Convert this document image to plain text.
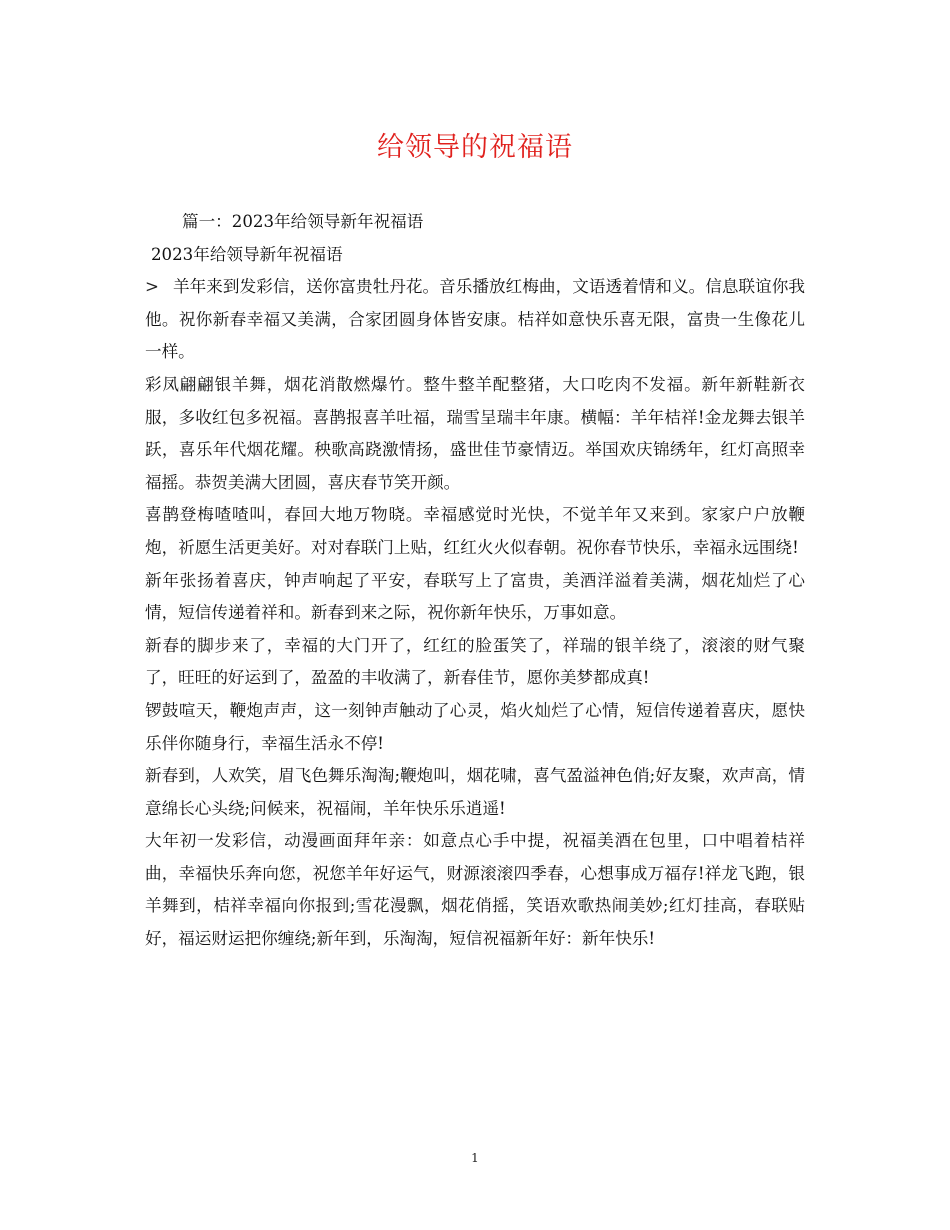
给领导的祝福语

篇一：2023年给领导新年祝福语

2023年给领导新年祝福语

> 羊年来到发彩信，送你富贵牡丹花。音乐播放红梅曲，文语透着情和义。信息联谊你我他。祝你新春幸福又美满，合家团圆身体皆安康。桔祥如意快乐喜无限，富贵一生像花儿一样。

彩凤翩翩银羊舞，烟花消散燃爆竹。整牛整羊配整猪，大口吃肉不发福。新年新鞋新衣服，多收红包多祝福。喜鹊报喜羊吐福，瑞雪呈瑞丰年康。横幅：羊年桔祥!金龙舞去银羊跃，喜乐年代烟花耀。秧歌高跷激情扬，盛世佳节豪情迈。举国欢庆锦绣年，红灯高照幸福摇。恭贺美满大团圆，喜庆春节笑开颜。

喜鹊登梅喳喳叫，春回大地万物晓。幸福感觉时光快，不觉羊年又来到。家家户户放鞭炮，祈愿生活更美好。对对春联门上贴，红红火火似春朝。祝你春节快乐，幸福永远围绕!

新年张扬着喜庆，钟声响起了平安，春联写上了富贵，美酒洋溢着美满，烟花灿烂了心情，短信传递着祥和。新春到来之际，祝你新年快乐，万事如意。

新春的脚步来了，幸福的大门开了，红红的脸蛋笑了，祥瑞的银羊绕了，滚滚的财气聚了，旺旺的好运到了，盈盈的丰收满了，新春佳节，愿你美梦都成真!

锣鼓喧天，鞭炮声声，这一刻钟声触动了心灵，焰火灿烂了心情，短信传递着喜庆，愿快乐伴你随身行，幸福生活永不停!

新春到，人欢笑，眉飞色舞乐淘淘;鞭炮叫，烟花啸，喜气盈溢神色俏;好友聚，欢声高，情意绵长心头绕;问候来，祝福闹，羊年快乐乐逍遥!

大年初一发彩信，动漫画面拜年亲：如意点心手中提，祝福美酒在包里，口中唱着桔祥曲，幸福快乐奔向您，祝您羊年好运气，财源滚滚四季春，心想事成万福存!祥龙飞跑，银羊舞到，桔祥幸福向你报到;雪花漫飘，烟花俏摇，笑语欢歌热闹美妙;红灯挂高，春联贴好，福运财运把你缠绕;新年到，乐淘淘，短信祝福新年好：新年快乐!

1
